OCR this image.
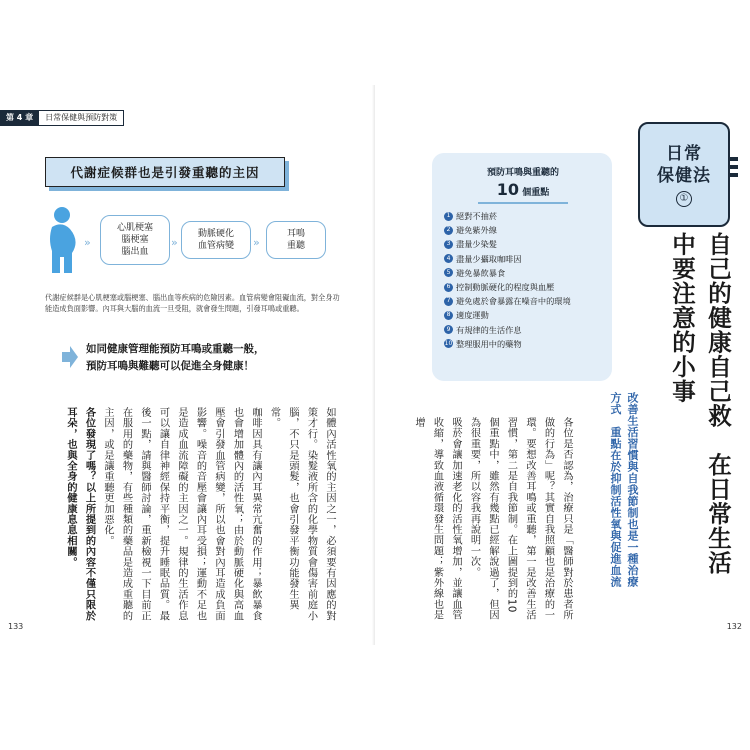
第 4 章	日常保健與預防對策
代謝症候群也是引發重聽的主因
››
心肌梗塞
腦梗塞
腦出血
››
動脈硬化
血管病變 ››
耳鳴
重聽

代謝症候群是心肌梗塞或腦梗塞、腦出血等疾病的危險因素。血管病變會阻礙血流，對全身功能造成負面影響。內耳與大腦的血流一旦受阻，就會發生問題，引發耳鳴或重聽。

如同健康管理能預防耳鳴或重聽一般，
預防耳鳴與難聽可以促進全身健康！

如體內活性氧的主因之一，必須要有因應的對策才行。染髮液所含的化學物質會傷害前庭小腦，不只是頭髮，也會引發平衡功能發生異常。

咖啡因具有讓內耳異常亢奮的作用；暴飲暴食也會增加體內的活性氧；由於動脈硬化與高血壓會引發血管病變，所以也會對內耳造成負面影響。噪音的音壓會讓內耳受損；運動不足也是造成血流障礙的主因之一。規律的生活作息可以讓自律神經保持平衡，提升睡眠品質。最後一點，請與醫師討論，重新檢視一下目前正在服用的藥物，有些種類的藥品是造成重聽的主因，或是讓重聽更加惡化。

各位發現了嗎？以上所提到的內容不僅只限於耳朵，也與全身的健康息息相關。

133
預防耳鳴與重聽的
10 個重點
1 絕對不抽菸
2 避免紫外線
3 盡量少染髮
4 盡量少攝取咖啡因
5 避免暴飲暴食
6 控制動脈硬化的程度與血壓
7 避免處於會暴露在噪音中的環境
8 適度運動
9 有規律的生活作息
10 整理服用中的藥物
日常
保健法
①
自己的健康自己救　在日常生活中要注意的小事
改善生活習慣與自我節制也是一種治療方式　重點在於抑制活性氧與促進血流

各位是否認為，治療只是「醫師對於患者所做的行為」呢？其實自我照顧也是治療的一環。要想改善耳鳴或重聽，第一是改善生活習慣，第二是自我節制。在上圖提到的10個重點中，雖然有幾點已經解說過了，但因為很重要，所以容我再說明一次。

吸菸會讓加速老化的活性氧增加，並讓血管收縮，導致血液循環發生問題；紫外線也是增

132
